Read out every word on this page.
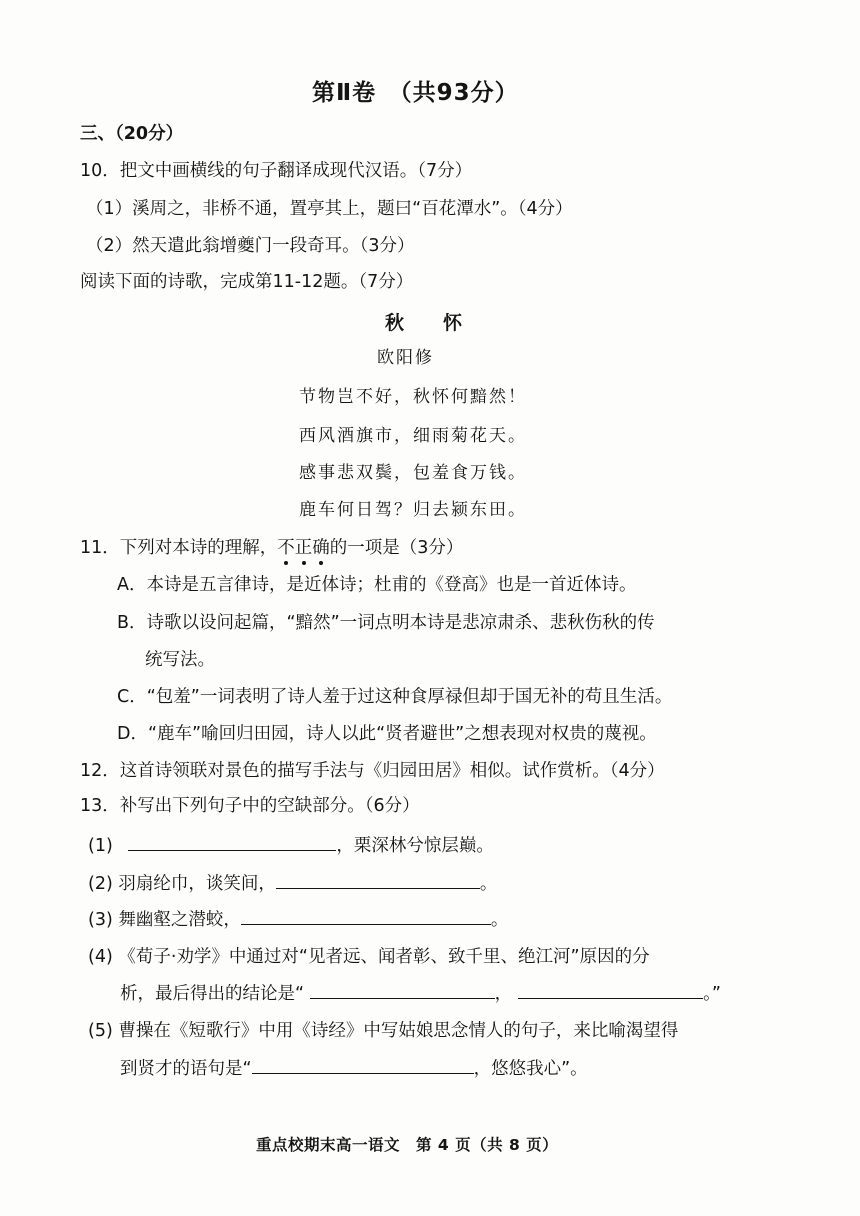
第Ⅱ卷　（共93分）
三、（20分）
10．把文中画横线的句子翻译成现代汉语。（7分）
（1）溪周之，非桥不通，置亭其上，题曰“百花潭水”。（4分）
（2）然天遣此翁增夔门一段奇耳。（3分）
阅读下面的诗歌，完成第11-12题。（7分）
秋　怀
欧阳修
节物岂不好，秋怀何黯然！
西风酒旗市，细雨菊花天。
感事悲双鬓，包羞食万钱。
鹿车何日驾？归去颍东田。
11．下列对本诗的理解，不正确的一项是（3分）
A．本诗是五言律诗，是近体诗；杜甫的《登高》也是一首近体诗。
B．诗歌以设问起篇，“黯然”一词点明本诗是悲凉肃杀、悲秋伤秋的传
统写法。
C．“包羞”一词表明了诗人羞于过这种食厚禄但却于国无补的苟且生活。
D．“鹿车”喻回归田园，诗人以此“贤者避世”之想表现对权贵的蔑视。
12．这首诗领联对景色的描写手法与《归园田居》相似。试作赏析。（4分）
13．补写出下列句子中的空缺部分。（6分）
(1)	，栗深林兮惊层巅。
(2) 羽扇纶巾，谈笑间，	。
(3) 舞幽壑之潜蛟，	。
(4) 《荀子·劝学》中通过对“见者远、闻者彰、致千里、绝江河”原因的分
析，最后得出的结论是“	，	。”
(5) 曹操在《短歌行》中用《诗经》中写姑娘思念情人的句子，来比喻渴望得
到贤才的语句是“	，悠悠我心”。
重点校期末高一语文　第 4 页（共 8 页）
